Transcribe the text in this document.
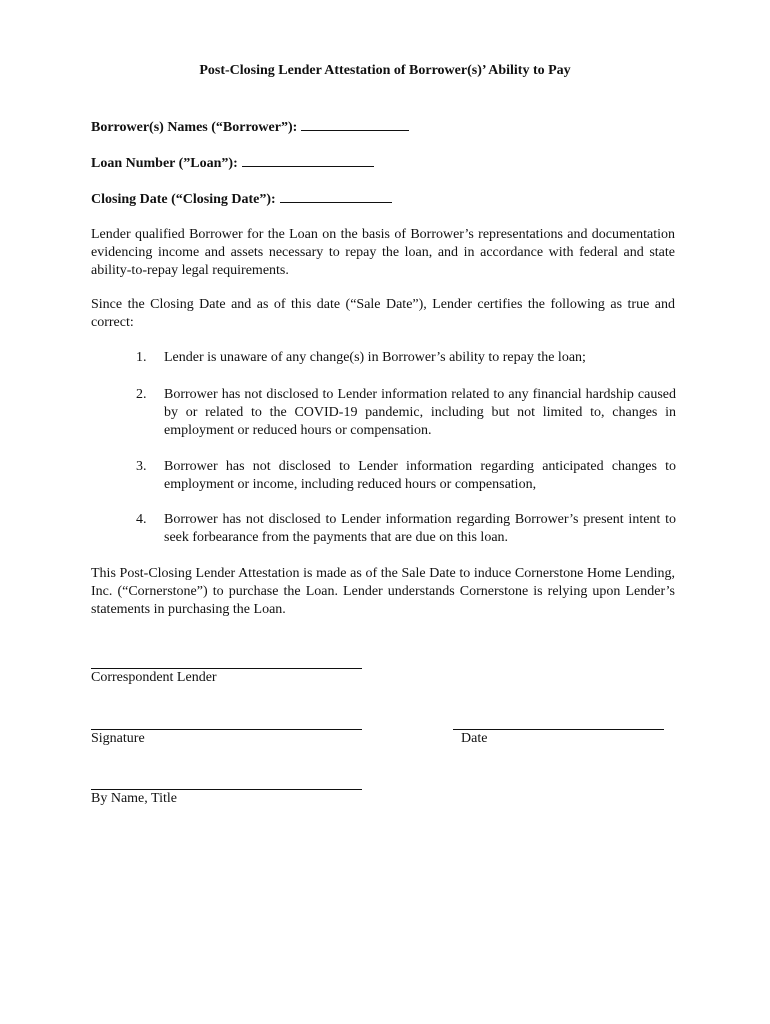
Post-Closing Lender Attestation of Borrower(s)’ Ability to Pay
Borrower(s) Names (“Borrower”):
Loan Number (”Loan”):
Closing Date (“Closing Date”):
Lender qualified Borrower for the Loan on the basis of Borrower’s representations and documentation evidencing income and assets necessary to repay the loan, and in accordance with federal and state ability-to-repay legal requirements.
Since the Closing Date and as of this date (“Sale Date”), Lender certifies the following as true and correct:
1.	Lender is unaware of any change(s) in Borrower’s ability to repay the loan;
2.	Borrower has not disclosed to Lender information related to any financial hardship caused by or related to the COVID-19 pandemic, including but not limited to, changes in employment or reduced hours or compensation.
3.	Borrower has not disclosed to Lender information regarding anticipated changes to employment or income, including reduced hours or compensation,
4.	Borrower has not disclosed to Lender information regarding Borrower’s present intent to seek forbearance from the payments that are due on this loan.
This Post-Closing Lender Attestation is made as of the Sale Date to induce Cornerstone Home Lending, Inc. (“Cornerstone”) to purchase the Loan. Lender understands Cornerstone is relying upon Lender’s statements in purchasing the Loan.
Correspondent Lender
Signature	Date
By Name, Title
